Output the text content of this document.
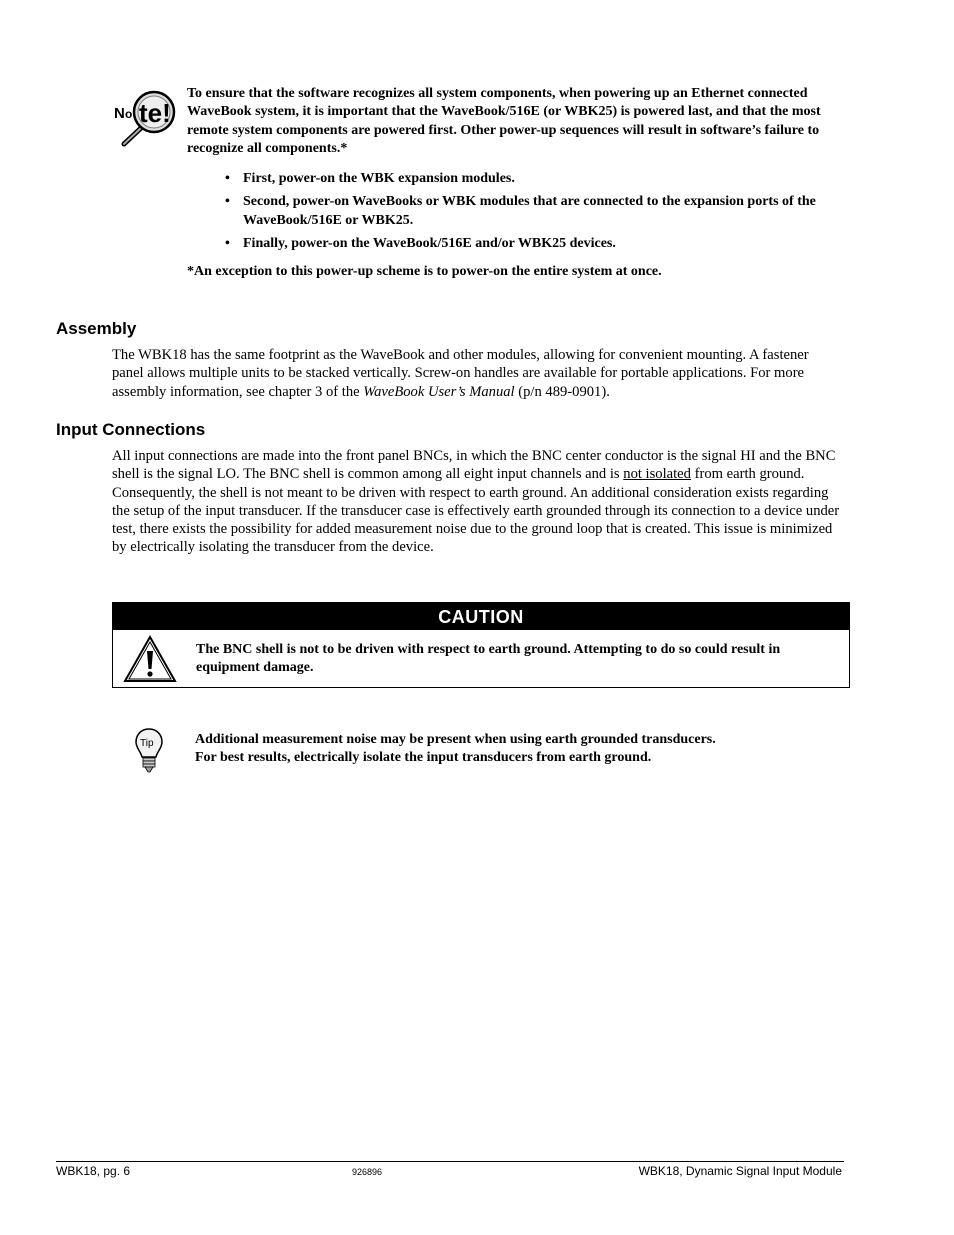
N o te!
To ensure that the software recognizes all system components, when powering up an Ethernet connected WaveBook system, it is important that the WaveBook/516E (or WBK25) is powered last, and that the most remote system components are powered first. Other power-up sequences will result in software’s failure to recognize all components.*
• First, power-on the WBK expansion modules.
• Second, power-on WaveBooks or WBK modules that are connected to the expansion ports of the WaveBook/516E or WBK25.
• Finally, power-on the WaveBook/516E and/or WBK25 devices.
*An exception to this power-up scheme is to power-on the entire system at once.
Assembly
The WBK18 has the same footprint as the WaveBook and other modules, allowing for convenient mounting. A fastener panel allows multiple units to be stacked vertically. Screw-on handles are available for portable applications. For more assembly information, see chapter 3 of the WaveBook User’s Manual (p/n 489-0901).
Input Connections
All input connections are made into the front panel BNCs, in which the BNC center conductor is the signal HI and the BNC shell is the signal LO. The BNC shell is common among all eight input channels and is not isolated from earth ground. Consequently, the shell is not meant to be driven with respect to earth ground. An additional consideration exists regarding the setup of the input transducer. If the transducer case is effectively earth grounded through its connection to a device under test, there exists the possibility for added measurement noise due to the ground loop that is created. This issue is minimized by electrically isolating the transducer from the device.
CAUTION
The BNC shell is not to be driven with respect to earth ground. Attempting to do so could result in equipment damage.
Tip	Additional measurement noise may be present when using earth grounded transducers.
For best results, electrically isolate the input transducers from earth ground.
WBK18, pg. 6	926896	WBK18, Dynamic Signal Input Module
